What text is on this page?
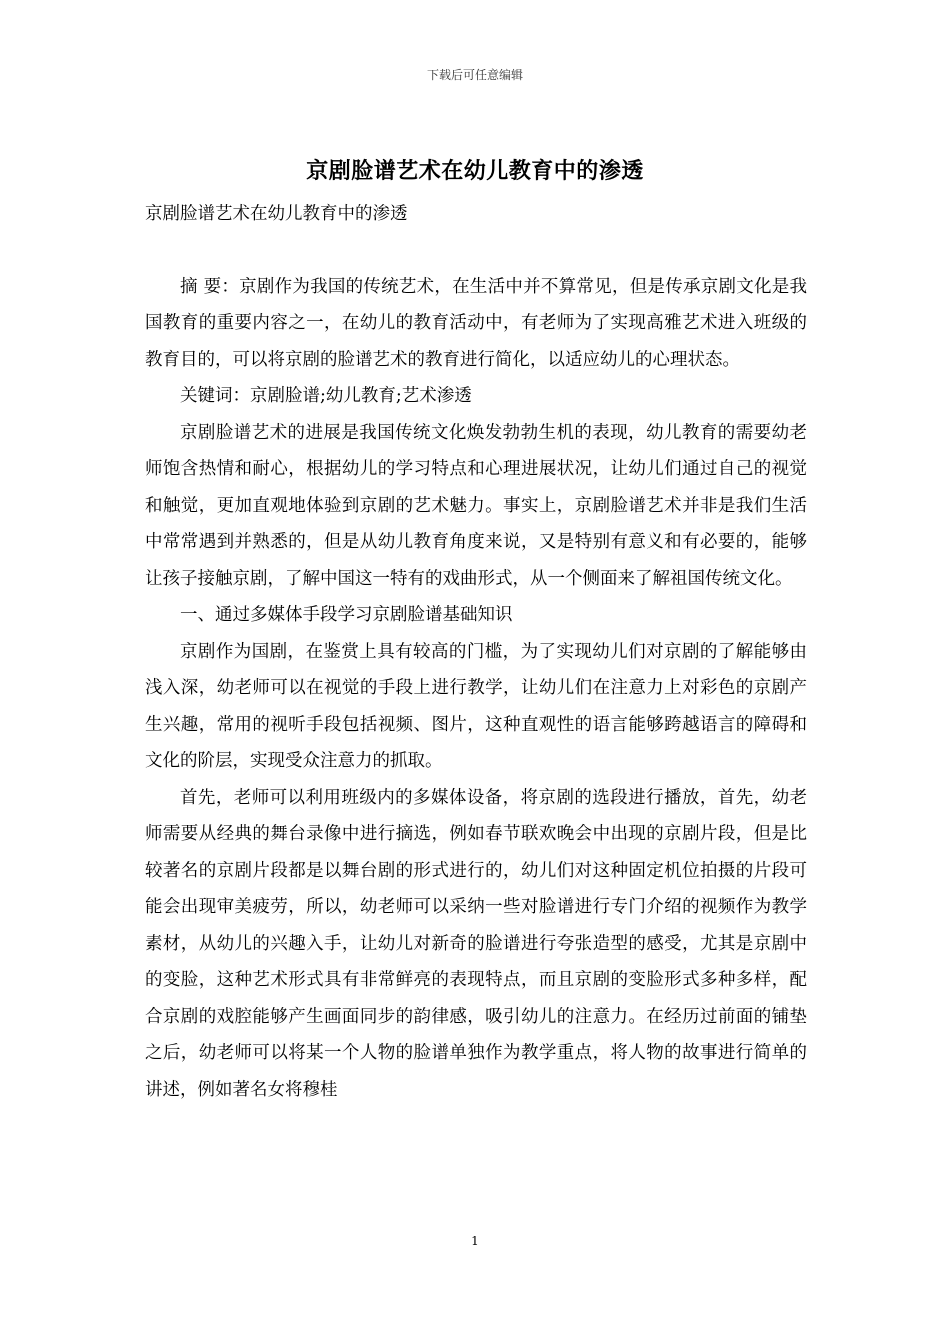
下载后可任意编辑
京剧脸谱艺术在幼儿教育中的渗透

京剧脸谱艺术在幼儿教育中的渗透

摘 要：京剧作为我国的传统艺术，在生活中并不算常见，但是传承京剧文化是我国教育的重要内容之一，在幼儿的教育活动中，有老师为了实现高雅艺术进入班级的教育目的，可以将京剧的脸谱艺术的教育进行简化，以适应幼儿的心理状态。

关键词：京剧脸谱;幼儿教育;艺术渗透

京剧脸谱艺术的进展是我国传统文化焕发勃勃生机的表现，幼儿教育的需要幼老师饱含热情和耐心，根据幼儿的学习特点和心理进展状况，让幼儿们通过自己的视觉和触觉，更加直观地体验到京剧的艺术魅力。事实上，京剧脸谱艺术并非是我们生活中常常遇到并熟悉的，但是从幼儿教育角度来说，又是特别有意义和有必要的，能够让孩子接触京剧，了解中国这一特有的戏曲形式，从一个侧面来了解祖国传统文化。

一、通过多媒体手段学习京剧脸谱基础知识

京剧作为国剧，在鉴赏上具有较高的门槛，为了实现幼儿们对京剧的了解能够由浅入深，幼老师可以在视觉的手段上进行教学，让幼儿们在注意力上对彩色的京剧产生兴趣，常用的视听手段包括视频、图片，这种直观性的语言能够跨越语言的障碍和文化的阶层，实现受众注意力的抓取。

首先，老师可以利用班级内的多媒体设备，将京剧的选段进行播放，首先，幼老师需要从经典的舞台录像中进行摘选，例如春节联欢晚会中出现的京剧片段，但是比较著名的京剧片段都是以舞台剧的形式进行的，幼儿们对这种固定机位拍摄的片段可能会出现审美疲劳，所以，幼老师可以采纳一些对脸谱进行专门介绍的视频作为教学素材，从幼儿的兴趣入手，让幼儿对新奇的脸谱进行夸张造型的感受，尤其是京剧中的变脸，这种艺术形式具有非常鲜亮的表现特点，而且京剧的变脸形式多种多样，配合京剧的戏腔能够产生画面同步的韵律感，吸引幼儿的注意力。在经历过前面的铺垫之后，幼老师可以将某一个人物的脸谱单独作为教学重点，将人物的故事进行简单的讲述，例如著名女将穆桂

1
